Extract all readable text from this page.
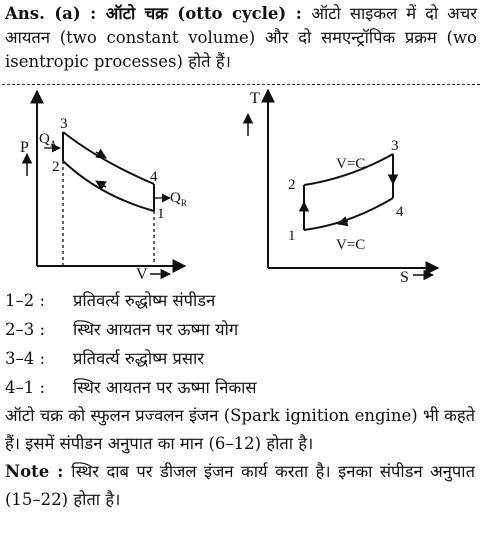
Ans. (a) : ऑटो चक्र (otto cycle) : ऑटो साइकल में दो अचर आयतन (two constant volume) और दो समएन्ट्रॉपिक प्रक्रम (wo isentropic processes) होते हैं।
P
V
$Q_A$
$Q_R$
1
2
3
4
T
S
V=C
V=C
1
2
3
4
1–2 :	प्रतिवर्त्य रुद्धोष्म संपीडन
2–3 :	स्थिर आयतन पर ऊष्मा योग
3–4 :	प्रतिवर्त्य रुद्धोष्म प्रसार
4–1 :	स्थिर आयतन पर ऊष्मा निकास
ऑटो चक्र को स्फुलन प्रज्वलन इंजन (Spark ignition engine) भी कहते हैं। इसमें संपीडन अनुपात का मान (6–12) होता है।
Note : स्थिर दाब पर डीजल इंजन कार्य करता है। इनका संपीडन अनुपात (15–22) होता है।
